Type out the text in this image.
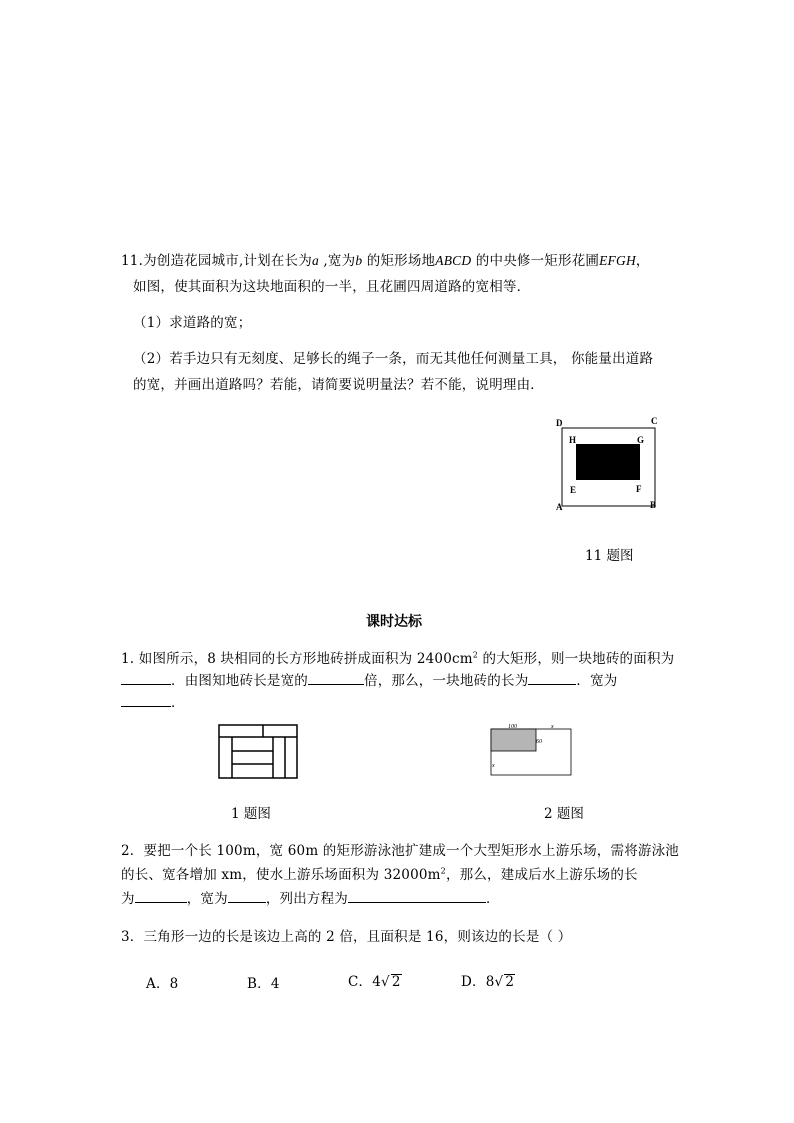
11.为创造花园城市,计划在长为a ,宽为b 的矩形场地ABCD 的中央修一矩形花圃EFGH，
如图，使其面积为这块地面积的一半，且花圃四周道路的宽相等．
（1）求道路的宽；
（2）若手边只有无刻度、足够长的绳子一条，而无其他任何测量工具， 你能量出道路
的宽，并画出道路吗？若能，请简要说明量法？若不能，说明理由．
D	C
H	G
E	F
A	B
11 题图
课时达标
1. 如图所示，8 块相同的长方形地砖拼成面积为 $2400cm^2$ 的大矩形，则一块地砖的面积为
．由图知地砖长是宽的	倍，那么，一块地砖的长为	．宽为
．
1 题图
100	x
60
x
2 题图
2．要把一个长 100m，宽 60m 的矩形游泳池扩建成一个大型矩形水上游乐场，需将游泳池
的长、宽各增加 xm，使水上游乐场面积为 $32000m^2$，那么，建成后水上游乐场的长
为	，宽为	，列出方程为	．
3．三角形一边的长是该边上高的 2 倍，且面积是 16，则该边的长是（ ）
A．8	B．4	C．4√ 2	D．8√ 2
